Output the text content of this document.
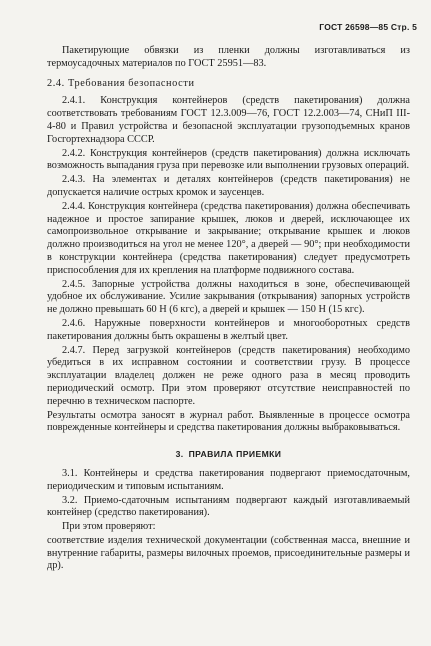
ГОСТ 26598—85 Стр. 5

Пакетирующие обвязки из пленки должны изготавливаться из термоусадочных материалов по ГОСТ 25951—83.

2.4. Требования безопасности

2.4.1. Конструкция контейнеров (средств пакетирования) должна соответствовать требованиям ГОСТ 12.3.009—76, ГОСТ 12.2.003—74, СНиП III-4-80 и Правил устройства и безопасной эксплуатации грузоподъемных кранов Госгортехнадзора СССР.

2.4.2. Конструкция контейнеров (средств пакетирования) должна исключать возможность выпадания груза при перевозке или выполнении грузовых операций.

2.4.3. На элементах и деталях контейнеров (средств пакетирования) не допускается наличие острых кромок и заусенцев.

2.4.4. Конструкция контейнера (средства пакетирования) должна обеспечивать надежное и простое запирание крышек, люков и дверей, исключающее их самопроизвольное открывание и закрывание; открывание крышек и люков должно производиться на угол не менее 120°, а дверей — 90°; при необходимости в конструкции контейнера (средства пакетирования) следует предусмотреть приспособления для их крепления на платформе подвижного состава.

2.4.5. Запорные устройства должны находиться в зоне, обеспечивающей удобное их обслуживание. Усилие закрывания (открывания) запорных устройств не должно превышать 60 Н (6 кгс), а дверей и крышек — 150 Н (15 кгс).

2.4.6. Наружные поверхности контейнеров и многооборотных средств пакетирования должны быть окрашены в желтый цвет.

2.4.7. Перед загрузкой контейнеров (средств пакетирования) необходимо убедиться в их исправном состоянии и соответствии грузу. В процессе эксплуатации владелец должен не реже одного раза в месяц проводить периодический осмотр. При этом проверяют отсутствие неисправностей по перечню в техническом паспорте.

Результаты осмотра заносят в журнал работ. Выявленные в процессе осмотра поврежденные контейнеры и средства пакетирования должны выбраковываться.

3. ПРАВИЛА ПРИЕМКИ

3.1. Контейнеры и средства пакетирования подвергают приемосдаточным, периодическим и типовым испытаниям.

3.2. Приемо-сдаточным испытаниям подвергают каждый изготавливаемый контейнер (средство пакетирования).

При этом проверяют:

соответствие изделия технической документации (собственная масса, внешние и внутренние габариты, размеры вилочных проемов, присоединительные размеры и др).
